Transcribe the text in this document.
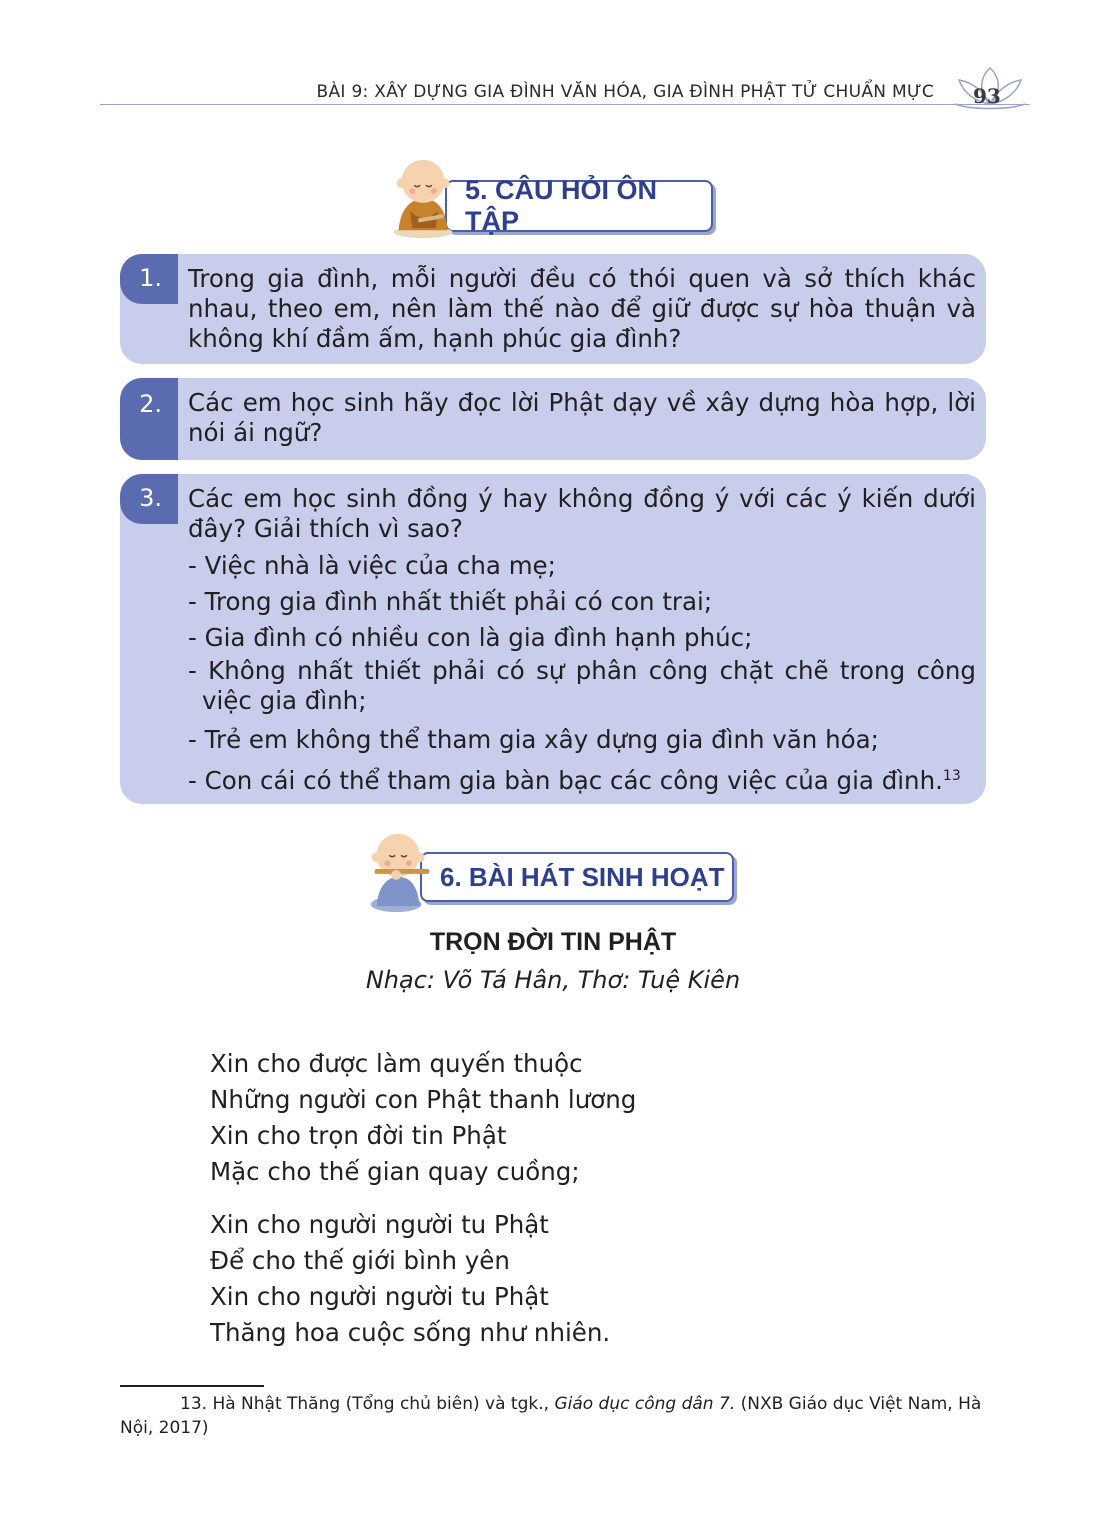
BÀI 9: XÂY DỰNG GIA ĐÌNH VĂN HÓA, GIA ĐÌNH PHẬT TỬ CHUẨN MỰC 93
5. CÂU HỎI ÔN TẬP
1. Trong gia đình, mỗi người đều có thói quen và sở thích khác nhau, theo em, nên làm thế nào để giữ được sự hòa thuận và không khí đầm ấm, hạnh phúc gia đình?
2. Các em học sinh hãy đọc lời Phật dạy về xây dựng hòa hợp, lời nói ái ngữ?
3. Các em học sinh đồng ý hay không đồng ý với các ý kiến dưới đây? Giải thích vì sao?
- Việc nhà là việc của cha mẹ;
- Trong gia đình nhất thiết phải có con trai;
- Gia đình có nhiều con là gia đình hạnh phúc;
- Không nhất thiết phải có sự phân công chặt chẽ trong công việc gia đình;
- Trẻ em không thể tham gia xây dựng gia đình văn hóa;
- Con cái có thể tham gia bàn bạc các công việc của gia đình.$^{13}$
6. BÀI HÁT SINH HOẠT
TRỌN ĐỜI TIN PHẬT
Nhạc: Võ Tá Hân, Thơ: Tuệ Kiên
Xin cho được làm quyến thuộc
Những người con Phật thanh lương
Xin cho trọn đời tin Phật
Mặc cho thế gian quay cuồng;
Xin cho người người tu Phật
Để cho thế giới bình yên
Xin cho người người tu Phật
Thăng hoa cuộc sống như nhiên.
13. Hà Nhật Thăng (Tổng chủ biên) và tgk., Giáo dục công dân 7. (NXB Giáo dục Việt Nam, Hà Nội, 2017)
